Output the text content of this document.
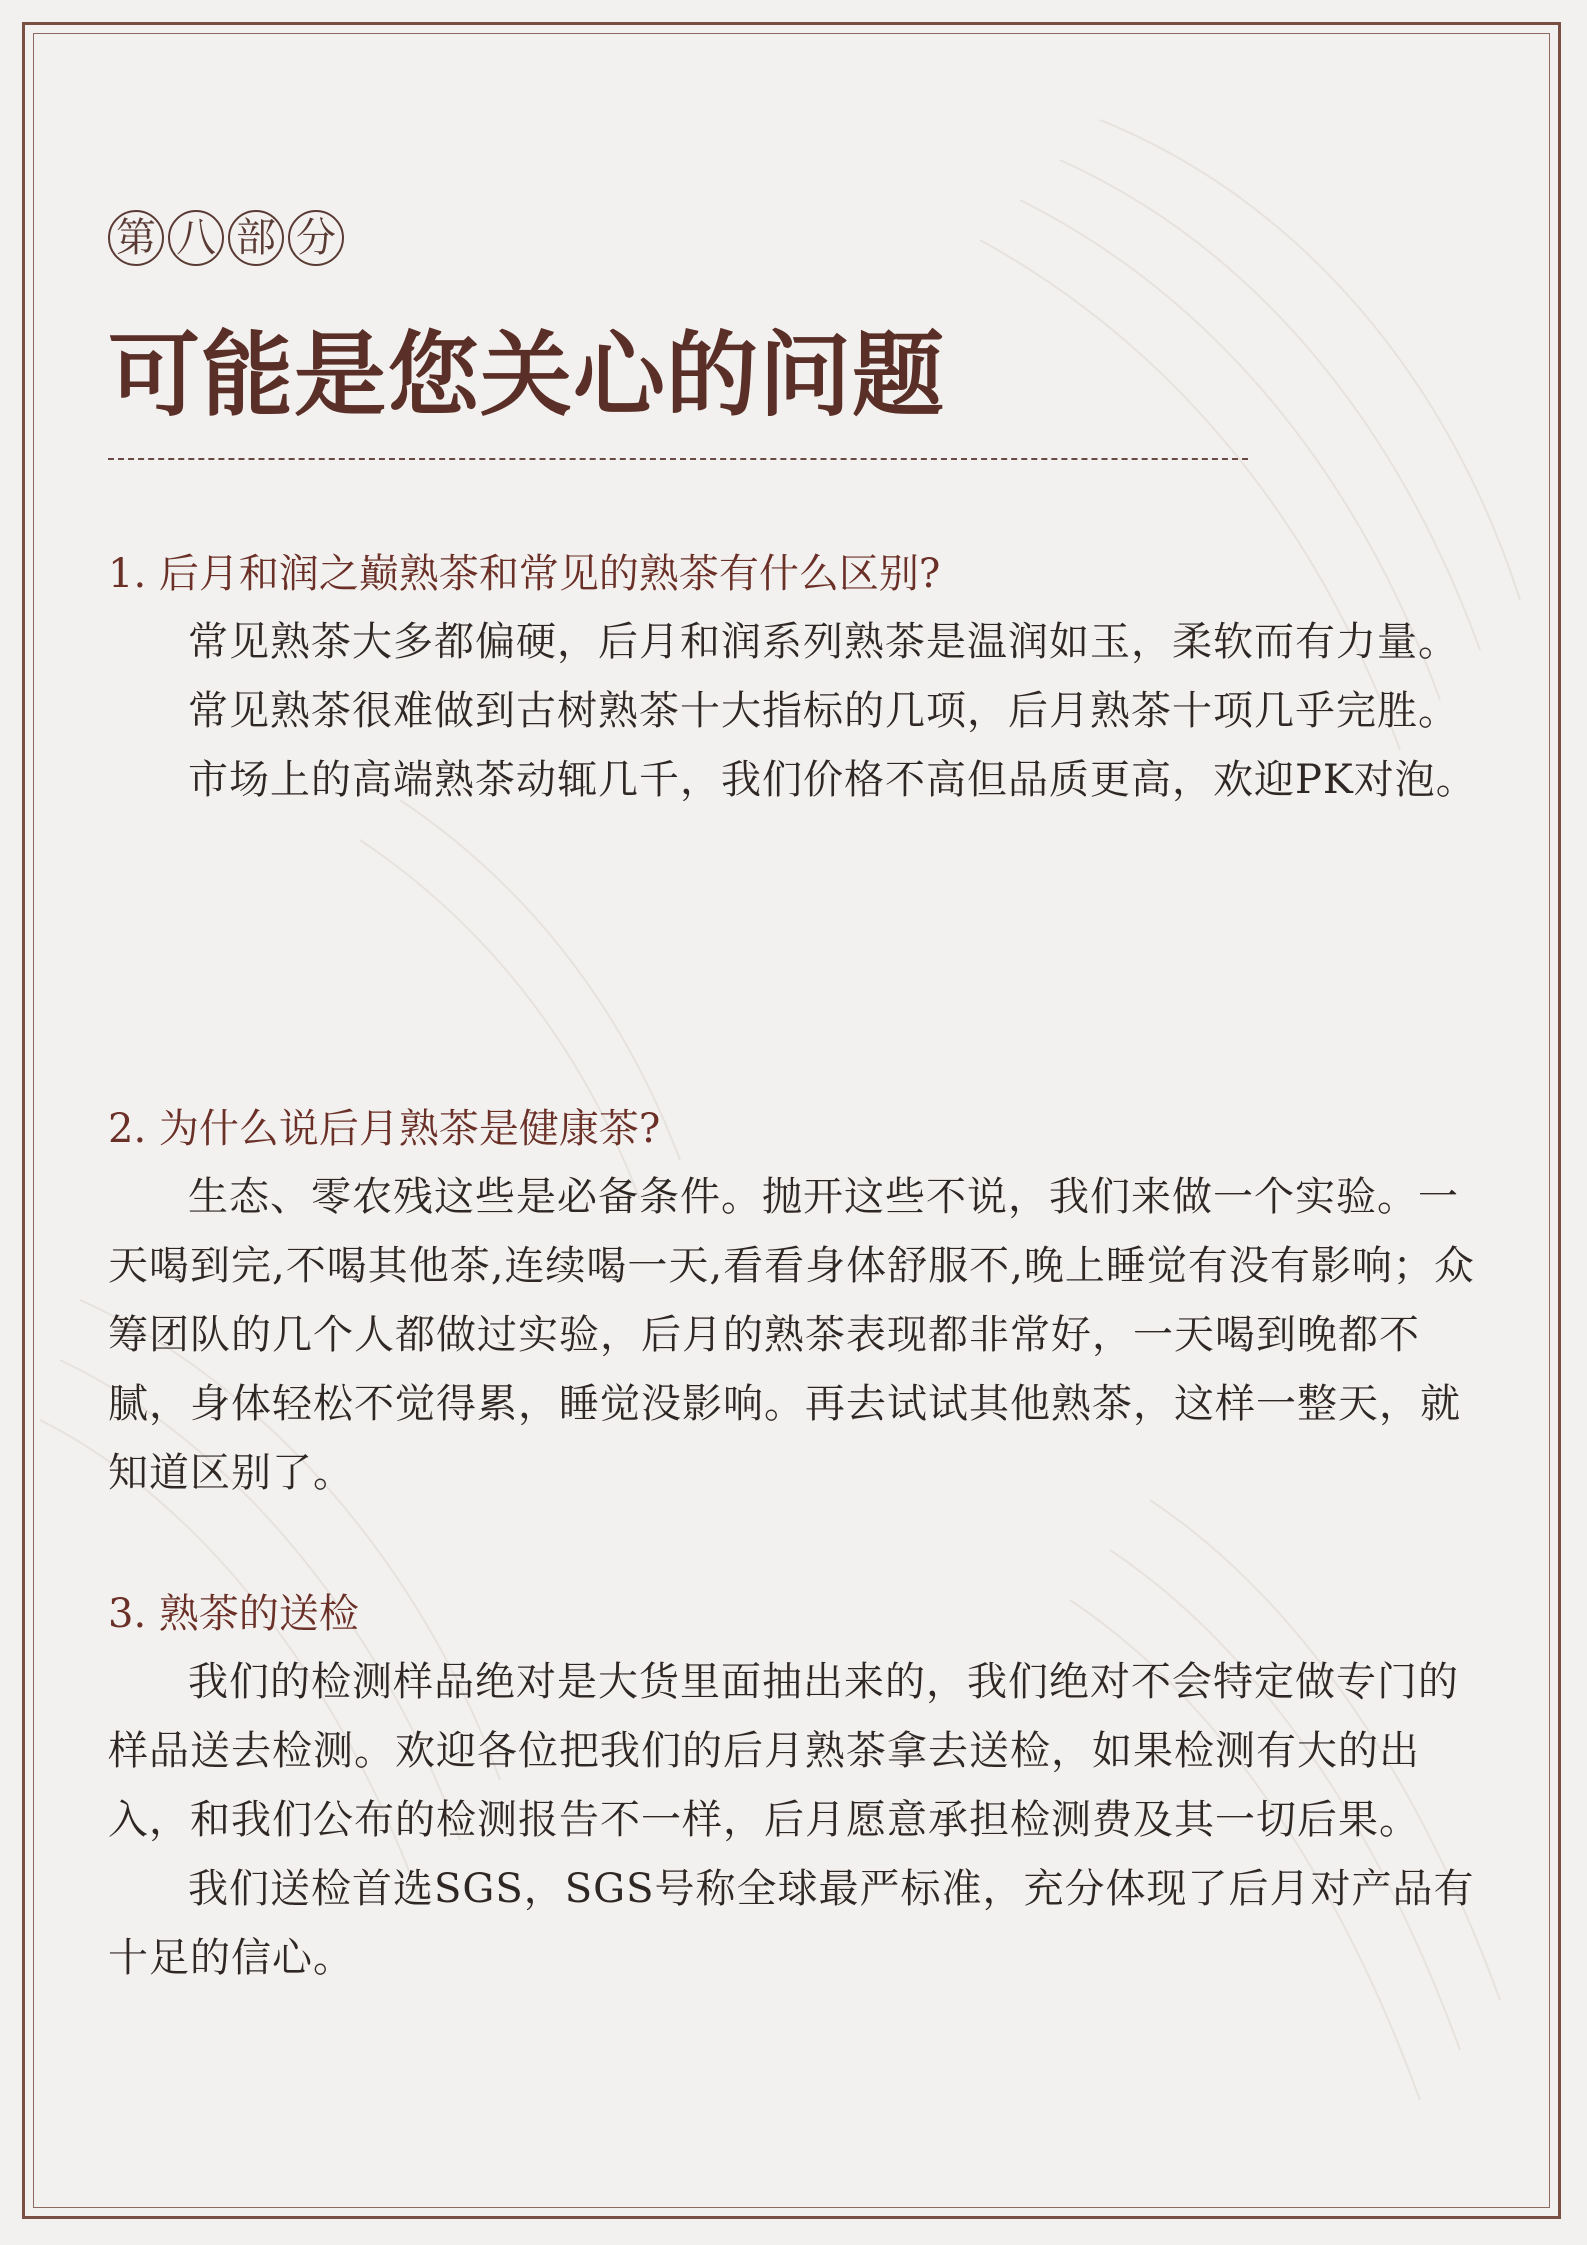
第 八 部 分
可能是您关心的问题
1. 后月和润之巅熟茶和常见的熟茶有什么区别?

常见熟茶大多都偏硬，后月和润系列熟茶是温润如玉，柔软而有力量。

常见熟茶很难做到古树熟茶十大指标的几项，后月熟茶十项几乎完胜。

市场上的高端熟茶动辄几千，我们价格不高但品质更高，欢迎PK对泡。

2. 为什么说后月熟茶是健康茶?

生态、零农残这些是必备条件。抛开这些不说，我们来做一个实验。一天喝到完,不喝其他茶,连续喝一天,看看身体舒服不,晚上睡觉有没有影响；众筹团队的几个人都做过实验，后月的熟茶表现都非常好，一天喝到晚都不腻，身体轻松不觉得累，睡觉没影响。再去试试其他熟茶，这样一整天，就知道区别了。

3. 熟茶的送检

我们的检测样品绝对是大货里面抽出来的，我们绝对不会特定做专门的样品送去检测。欢迎各位把我们的后月熟茶拿去送检，如果检测有大的出入，和我们公布的检测报告不一样，后月愿意承担检测费及其一切后果。

我们送检首选SGS，SGS号称全球最严标准，充分体现了后月对产品有十足的信心。
